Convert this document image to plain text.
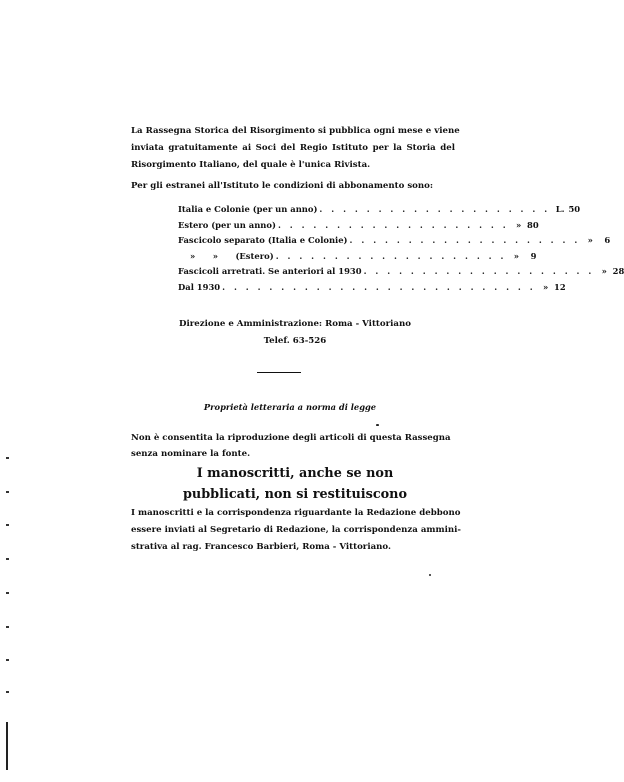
La Rassegna Storica del Risorgimento si pubblica ogni mese e viene
inviata gratuitamente ai Soci del Regio Istituto per la Storia del
Risorgimento Italiano, del quale è l'unica Rivista.
Per gli estranei all'Istituto le condizioni di abbonamento sono:
Italia e Colonie (per un anno) . . . . . . . . . . . . . . . . . . . . L. 50
Estero (per un anno) . . . . . . . . . . . . . . . . . . . . » 80
Fascicolo separato (Italia e Colonie) . . . . . . . . . . . . . . . . . . . . »	6
»      »      (Estero) . . . . . . . . . . . . . . . . . . . . »	9
Fascicoli arretrati. Se anteriori al 1930 . . . . . . . . . . . . . . . . . . . . » 28
Dal 1930 . . . . . . . . . . . . . . . . . . . . . . . . . . . » 12
Direzione e Amministrazione: Roma - Vittoriano
Telef. 63-526
Proprietà letteraria a norma di legge
Non è consentita la riproduzione degli articoli di questa Rassegna
senza nominare la fonte.
I manoscritti, anche se non
pubblicati, non si restituiscono
I manoscritti e la corrispondenza riguardante la Redazione debbono
essere inviati al Segretario di Redazione, la corrispondenza ammini-
strativa al rag. Francesco Barbieri, Roma - Vittoriano.
